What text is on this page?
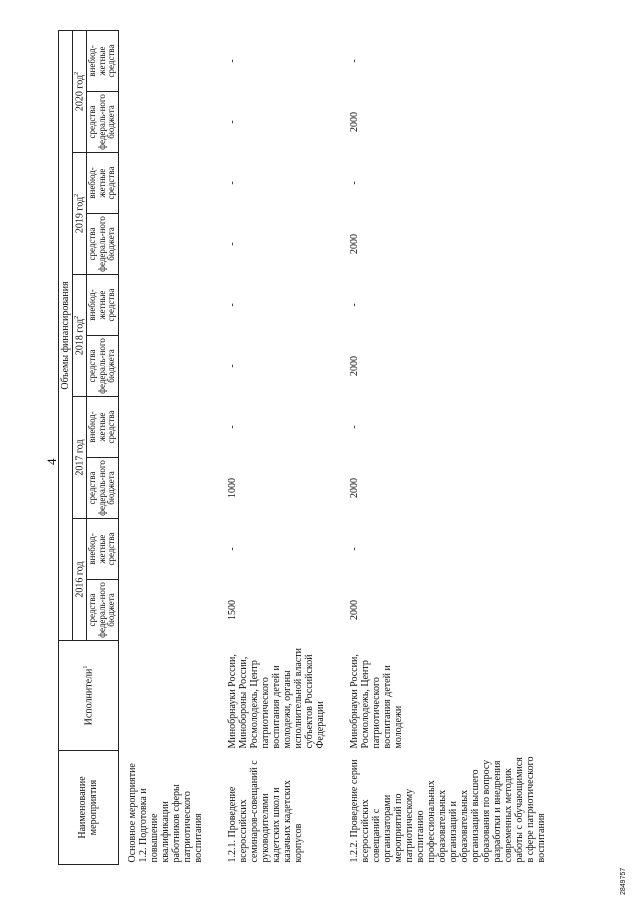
4
Наименование мероприятия	Исполнители$^1$	Объемы финансирования									
		2016 год		2017 год		2018 год$^2$		2019 год$^2$		2020 год$^2$
		средства федераль-ного бюджета	внебюд-жетные средства	средства федераль-ного бюджета	внебюд-жетные средства	средства федераль-ного бюджета	внебюд-жетные средства	средства федераль-ного бюджета	внебюд-жетные средства	средства федераль-ного бюджета	внебюд-жетные средства
Основное мероприятие 1.2. Подготовка и повышение квалификации работников сферы патриотического воспитания											
1.2.1. Проведение всероссийских семинаров-совещаний с руководителями кадетских школ и казачьих кадетских корпусов	Минобрнауки России, Минобороны России, Росмолодежь, Центр патриотического воспитания детей и молодежи, органы исполнительной власти субъектов Российской Федерации	1500	-	1000	-	-	-	-	-	-	-
1.2.2. Проведение серии всероссийских совещаний с организаторами мероприятий по патриотическому воспитанию профессиональных образовательных организаций и образовательных организаций высшего образования по вопросу разработки и внедрения современных методик работы с обучающимися в сфере патриотического воспитания	Минобрнауки России, Росмолодежь, Центр патриотического воспитания детей и молодежи	2000	-	2000	-	2000	-	2000	-	2000	-
2849757
